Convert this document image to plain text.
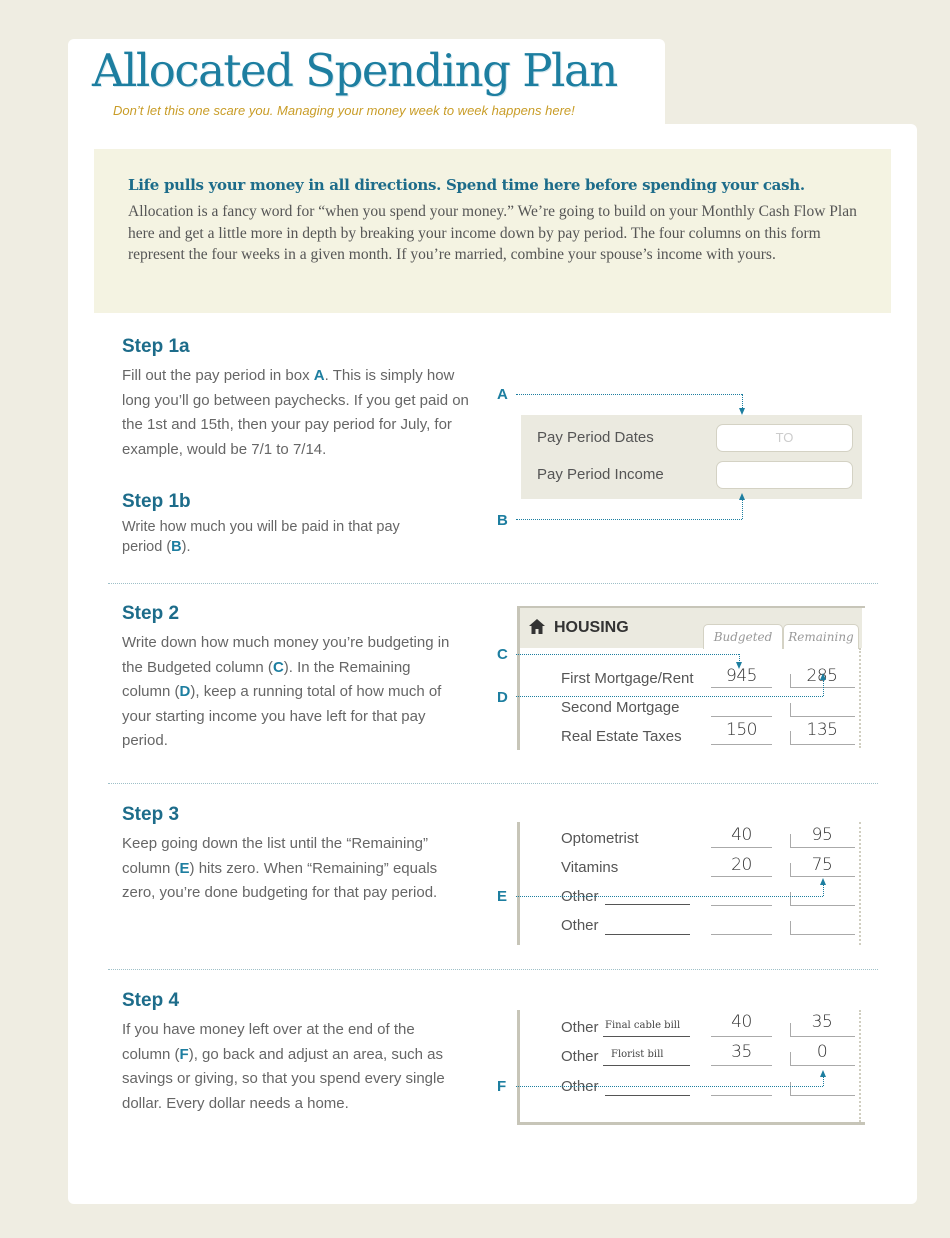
Allocated Spending Plan
Don’t let this one scare you. Managing your money week to week happens here!
Life pulls your money in all directions. Spend time here before spending your cash.
Allocation is a fancy word for “when you spend your money.” We’re going to build on your Monthly Cash Flow Plan here and get a little more in depth by breaking your income down by pay period. The four columns on this form represent the four weeks in a given month. If you’re married, combine your spouse’s income with yours.
Step 1a
Fill out the pay period in box A. This is simply how long you’ll go between paychecks. If you get paid on the 1st and 15th, then your pay period for July, for example, would be 7/1 to 7/14.
Step 1b
Write how much you will be paid in that pay period (B).
A
Pay Period Dates	TO
Pay Period Income
B
Step 2
Write down how much money you’re budgeting in the Budgeted column (C). In the Remaining column (D), keep a running total of how much of your starting income you have left for that pay period.
HOUSING
Budgeted	Remaining
First Mortgage/Rent	945	285
Second Mortgage
Real Estate Taxes	150	135
C
D
Step 3
Keep going down the list until the “Remaining” column (E) hits zero. When “Remaining” equals zero, you’re done budgeting for that pay period.
Optometrist	40	95
Vitamins	20	75
Other
Other
E
Step 4
If you have money left over at the end of the column (F), go back and adjust an area, such as savings or giving, so that you spend every single dollar. Every dollar needs a home.
Other Final cable bill	40	35
Other Florist bill	35	0
Other
F
